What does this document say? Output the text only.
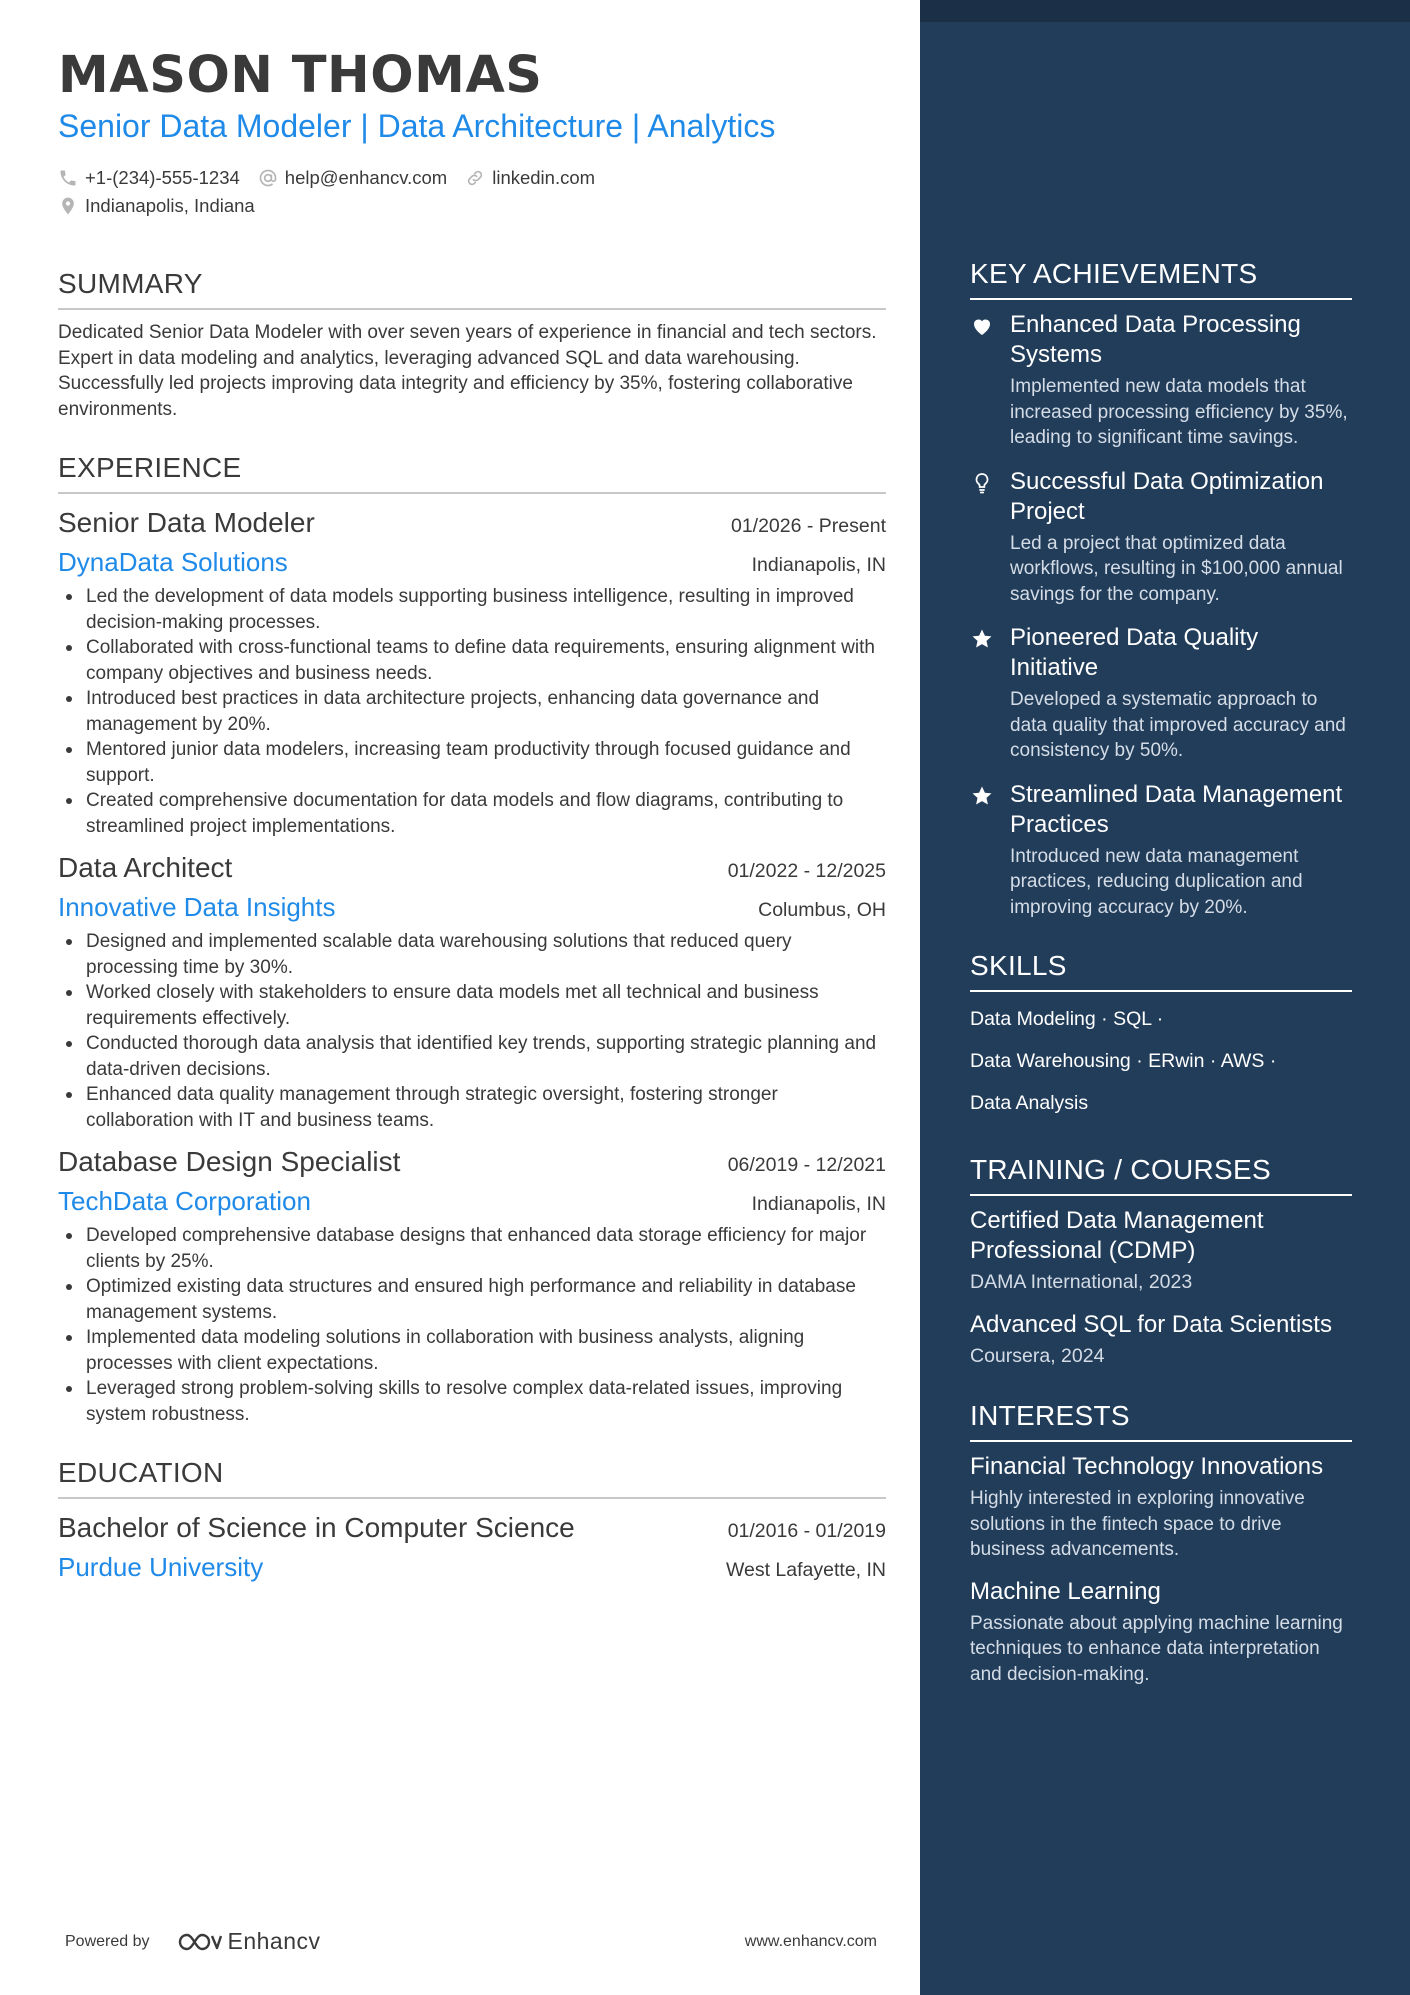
MASON THOMAS
Senior Data Modeler | Data Architecture | Analytics
+1-(234)-555-1234 help@enhancv.com linkedin.com
Indianapolis, Indiana
SUMMARY
Dedicated Senior Data Modeler with over seven years of experience in financial and tech sectors. Expert in data modeling and analytics, leveraging advanced SQL and data warehousing. Successfully led projects improving data integrity and efficiency by 35%, fostering collaborative environments.
EXPERIENCE
Senior Data Modeler	01/2026 - Present
DynaData Solutions	Indianapolis, IN
Led the development of data models supporting business intelligence, resulting in improved decision-making processes.
Collaborated with cross-functional teams to define data requirements, ensuring alignment with company objectives and business needs.
Introduced best practices in data architecture projects, enhancing data governance and management by 20%.
Mentored junior data modelers, increasing team productivity through focused guidance and support.
Created comprehensive documentation for data models and flow diagrams, contributing to streamlined project implementations.
Data Architect	01/2022 - 12/2025
Innovative Data Insights	Columbus, OH
Designed and implemented scalable data warehousing solutions that reduced query processing time by 30%.
Worked closely with stakeholders to ensure data models met all technical and business requirements effectively.
Conducted thorough data analysis that identified key trends, supporting strategic planning and data-driven decisions.
Enhanced data quality management through strategic oversight, fostering stronger collaboration with IT and business teams.
Database Design Specialist	06/2019 - 12/2021
TechData Corporation	Indianapolis, IN
Developed comprehensive database designs that enhanced data storage efficiency for major clients by 25%.
Optimized existing data structures and ensured high performance and reliability in database management systems.
Implemented data modeling solutions in collaboration with business analysts, aligning processes with client expectations.
Leveraged strong problem-solving skills to resolve complex data-related issues, improving system robustness.
EDUCATION
Bachelor of Science in Computer Science	01/2016 - 01/2019
Purdue University	West Lafayette, IN
Powered by	Enhancv	www.enhancv.com
KEY ACHIEVEMENTS
Enhanced Data Processing Systems
Implemented new data models that increased processing efficiency by 35%, leading to significant time savings.
Successful Data Optimization Project
Led a project that optimized data workflows, resulting in $100,000 annual savings for the company.
Pioneered Data Quality Initiative
Developed a systematic approach to data quality that improved accuracy and consistency by 50%.
Streamlined Data Management Practices
Introduced new data management practices, reducing duplication and improving accuracy by 20%.
SKILLS
Data Modeling · SQL ·
Data Warehousing · ERwin · AWS ·
Data Analysis
TRAINING / COURSES
Certified Data Management Professional (CDMP)
DAMA International, 2023
Advanced SQL for Data Scientists
Coursera, 2024
INTERESTS
Financial Technology Innovations
Highly interested in exploring innovative solutions in the fintech space to drive business advancements.
Machine Learning
Passionate about applying machine learning techniques to enhance data interpretation and decision-making.
